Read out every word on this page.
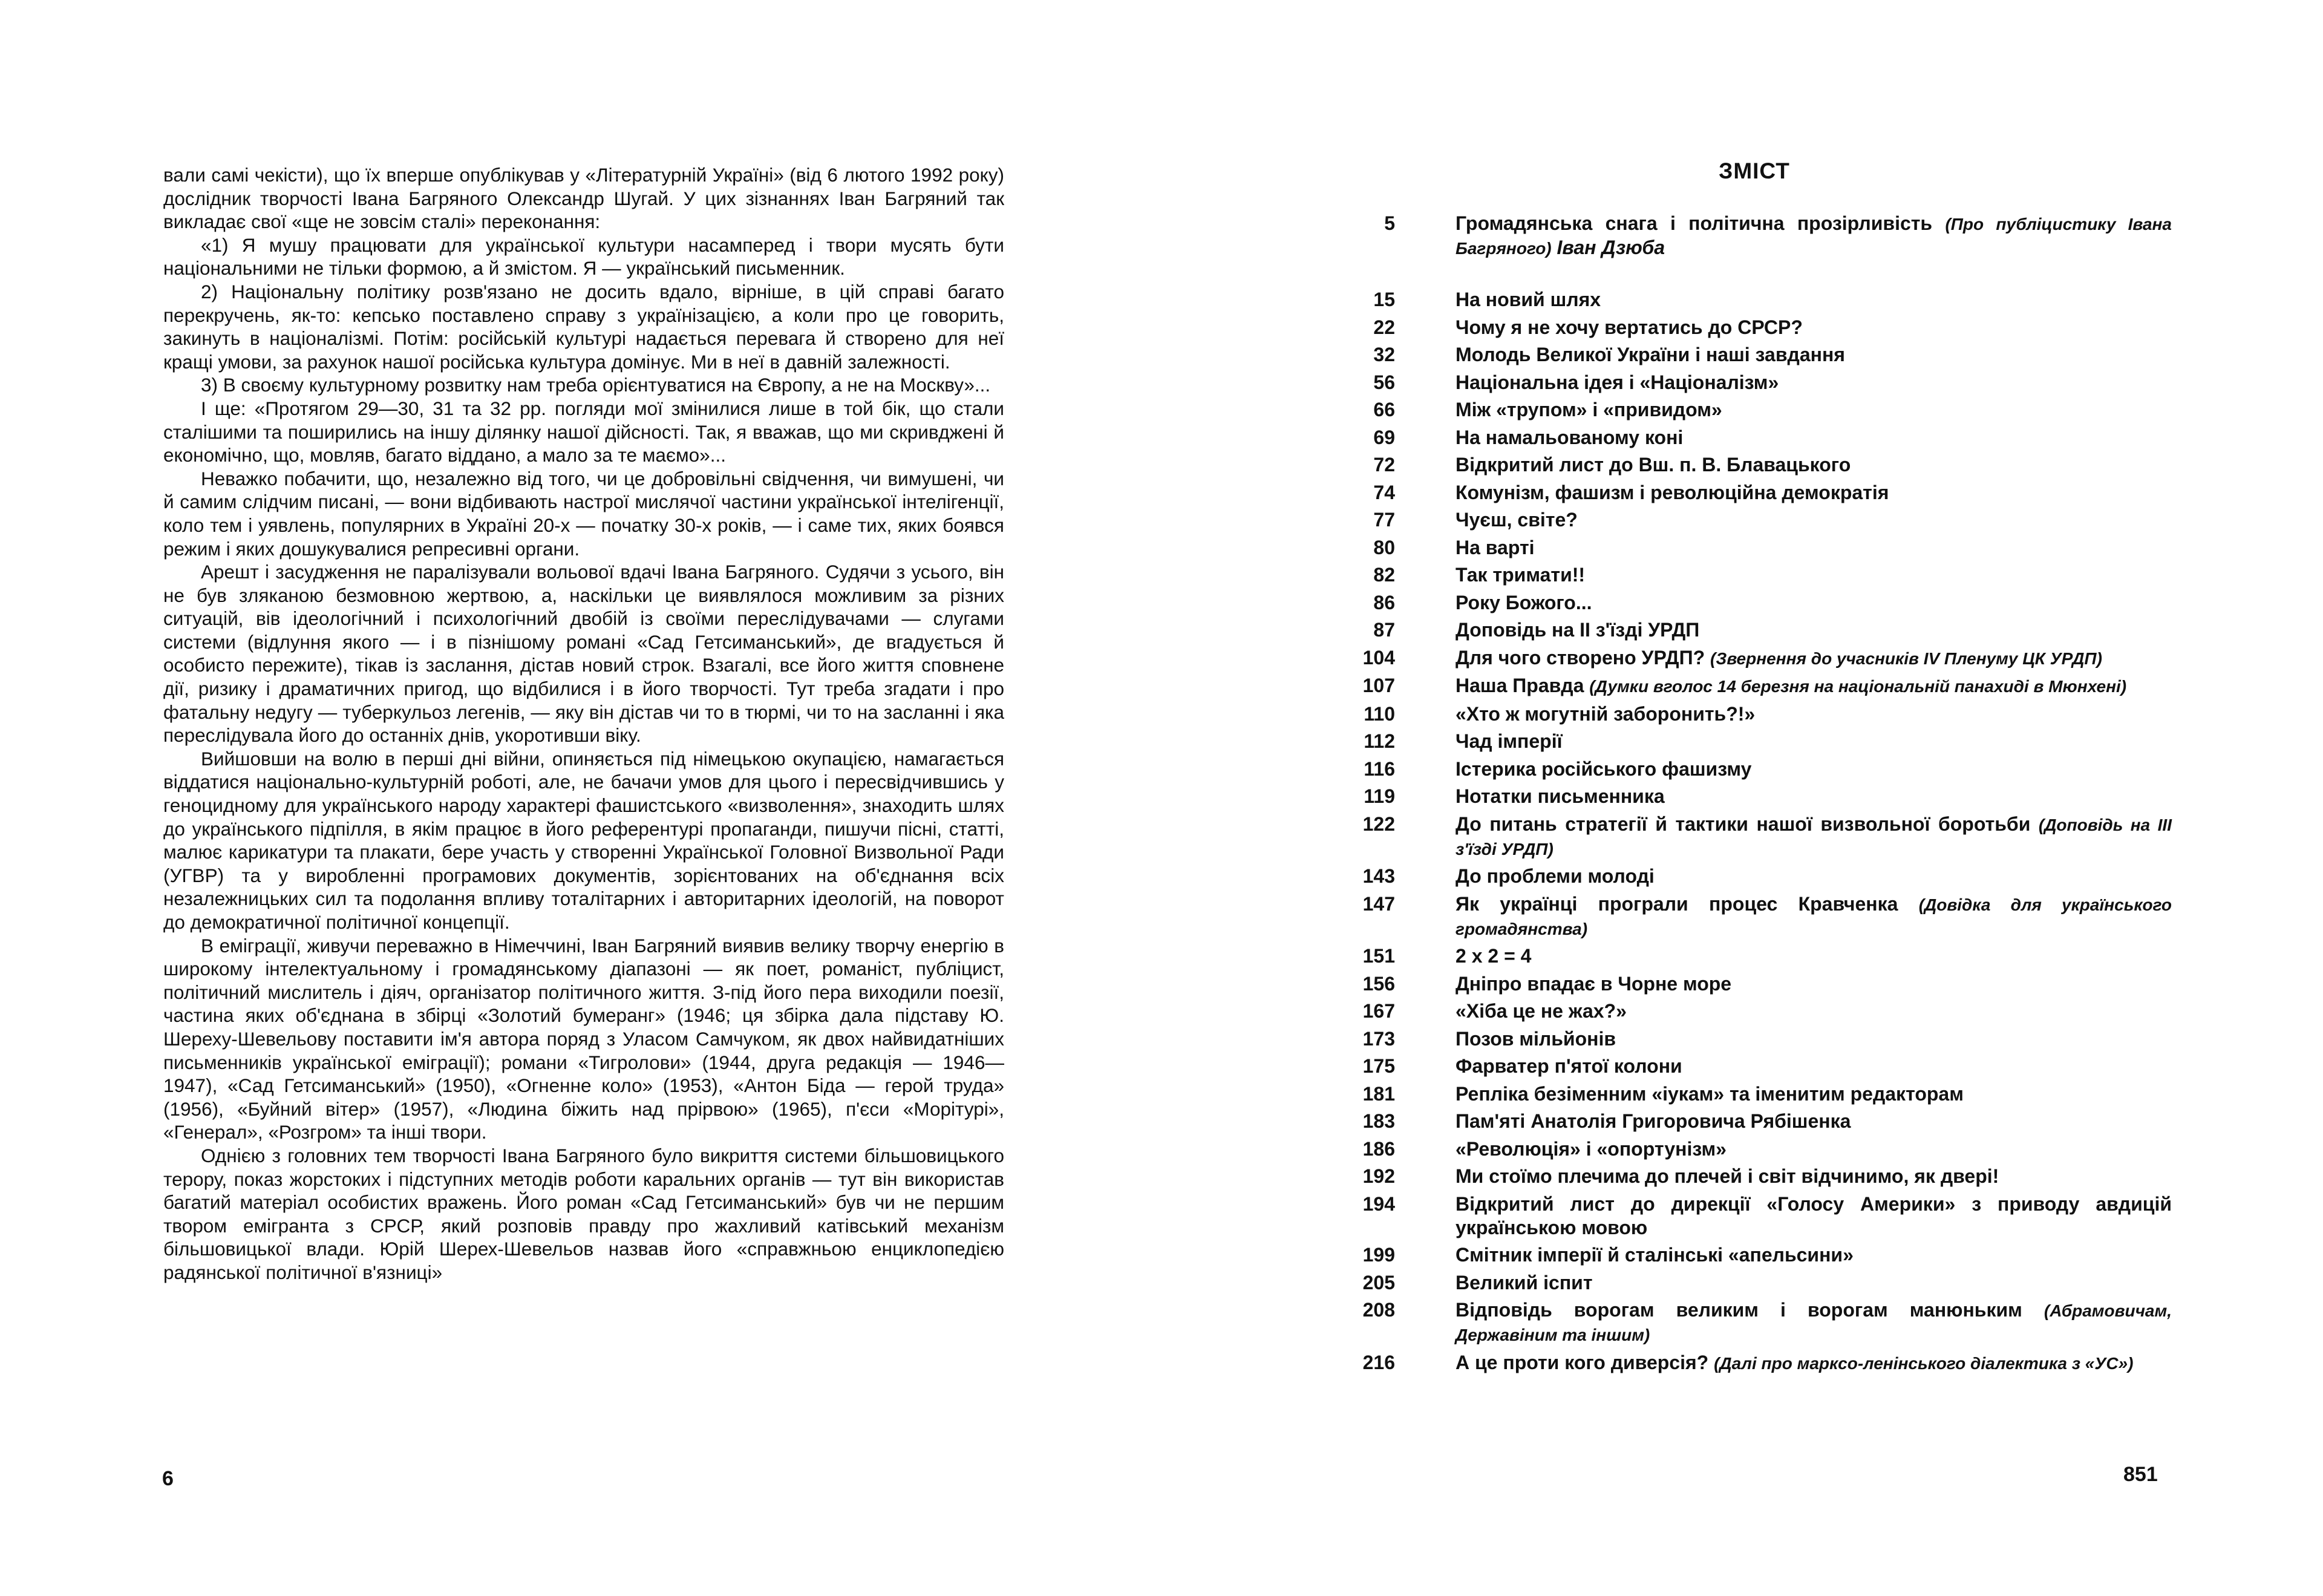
вали самі чекісти), що їх вперше опублікував у «Літературній Україні» (від 6 лютого 1992 року) дослідник творчості Івана Багряного Олександр Шугай. У цих зізнаннях Іван Багряний так викладає свої «ще не зовсім сталі» переконання:

«1) Я мушу працювати для української культури насамперед і твори мусять бути національними не тільки формою, а й змістом. Я — український письменник.

2) Національну політику розв'язано не досить вдало, вірніше, в цій справі багато перекручень, як-то: кепсько поставлено справу з українізацією, а коли про це говорить, закинуть в націоналізмі. Потім: російській культурі надається перевага й створено для неї кращі умови, за рахунок нашої російська культура домінує. Ми в неї в давній залежності.

3) В своєму культурному розвитку нам треба орієнтуватися на Європу, а не на Москву»...

І ще: «Протягом 29—30, 31 та 32 рр. погляди мої змінилися лише в той бік, що стали сталішими та поширились на іншу ділянку нашої дійсності. Так, я вважав, що ми скривджені й економічно, що, мовляв, багато віддано, а мало за те маємо»...

Неважко побачити, що, незалежно від того, чи це добровільні свідчення, чи вимушені, чи й самим слідчим писані, — вони відбивають настрої мислячої частини української інтелігенції, коло тем і уявлень, популярних в Україні 20-х — початку 30-х років, — і саме тих, яких боявся режим і яких дошукувалися репресивні органи.

Арешт і засудження не паралізували вольової вдачі Івана Багряного. Судячи з усього, він не був зляканою безмовною жертвою, а, наскільки це виявлялося можливим за різних ситуацій, вів ідеологічний і психологічний двобій із своїми переслідувачами — слугами системи (відлуння якого — і в пізнішому романі «Сад Гетсиманський», де вгадується й особисто пережите), тікав із заслання, дістав новий строк. Взагалі, все його життя сповнене дії, ризику і драматичних пригод, що відбилися і в його творчості. Тут треба згадати і про фатальну недугу — туберкульоз легенів, — яку він дістав чи то в тюрмі, чи то на засланні і яка переслідувала його до останніх днів, укоротивши віку.

Вийшовши на волю в перші дні війни, опиняється під німецькою окупацією, намагається віддатися національно-культурній роботі, але, не бачачи умов для цього і пересвідчившись у геноцидному для українського народу характері фашистського «визволення», знаходить шлях до українського підпілля, в якім працює в його референтурі пропаганди, пишучи пісні, статті, малює карикатури та плакати, бере участь у створенні Української Головної Визвольної Ради (УГВР) та у виробленні програмових документів, зорієнтованих на об'єднання всіх незалежницьких сил та подолання впливу тоталітарних і авторитарних ідеологій, на поворот до демократичної політичної концепції.

В еміграції, живучи переважно в Німеччині, Іван Багряний виявив велику творчу енергію в широкому інтелектуальному і громадянському діапазоні — як поет, романіст, публіцист, політичний мислитель і діяч, організатор політичного життя. З-під його пера виходили поезії, частина яких об'єднана в збірці «Золотий бумеранг» (1946; ця збірка дала підставу Ю. Шереху-Шевельову поставити ім'я автора поряд з Уласом Самчуком, як двох найвидатніших письменників української еміграції); романи «Тигролови» (1944, друга редакція — 1946—1947), «Сад Гетсиманський» (1950), «Огненне коло» (1953), «Антон Біда — герой труда» (1956), «Буйний вітер» (1957), «Людина біжить над прірвою» (1965), п'єси «Морітурі», «Генерал», «Розгром» та інші твори.

Однією з головних тем творчості Івана Багряного було викриття системи більшовицького терору, показ жорстоких і підступних методів роботи каральних органів — тут він використав багатий матеріал особистих вражень. Його роман «Сад Гетсиманський» був чи не першим твором емігранта з СРСР, який розповів правду про жахливий катівський механізм більшовицької влади. Юрій Шерех-Шевельов назвав його «справжньою енциклопедією радянської політичної в'язниці»

6
ЗМІСТ
5	Громадянська снага і політична прозірливість (Про публіцистику Івана Багряного) Іван Дзюба
15	На новий шлях
22	Чому я не хочу вертатись до СРСР?
32	Молодь Великої України і наші завдання
56	Національна ідея і «Націоналізм»
66	Між «трупом» і «привидом»
69	На намальованому коні
72	Відкритий лист до Вш. п. В. Блавацького
74	Комунізм, фашизм і революційна демократія
77	Чуєш, світе?
80	На варті
82	Так тримати!!
86	Року Божого...
87	Доповідь на ІІ з'їзді УРДП
104	Для чого створено УРДП? (Звернення до учасників IV Пленуму ЦК УРДП)
107	Наша Правда (Думки вголос 14 березня на національній панахиді в Мюнхені)
110	«Хто ж могутній заборонить?!»
112	Чад імперії
116	Істерика російського фашизму
119	Нотатки письменника
122	До питань стратегії й тактики нашої визвольної боротьби (Доповідь на ІІІ з'їзді УРДП)
143	До проблеми молоді
147	Як українці програли процес Кравченка (Довідка для українського громадянства)
151	2 x 2 = 4
156	Дніпро впадає в Чорне море
167	«Хіба це не жах?»
173	Позов мільйонів
175	Фарватер п'ятої колони
181	Репліка безіменним «іукам» та іменитим редакторам
183	Пам'яті Анатолія Григоровича Рябішенка
186	«Революція» і «опортунізм»
192	Ми стоїмо плечима до плечей і світ відчинимо, як двері!
194	Відкритий лист до дирекції «Голосу Америки» з приводу авдицій українською мовою
199	Смітник імперії й сталінські «апельсини»
205	Великий іспит
208	Відповідь ворогам великим і ворогам манюньким (Абрамовичам, Державіним та іншим)
216	А це проти кого диверсія? (Далі про марксо-ленінського діалектика з «УС»)
851
